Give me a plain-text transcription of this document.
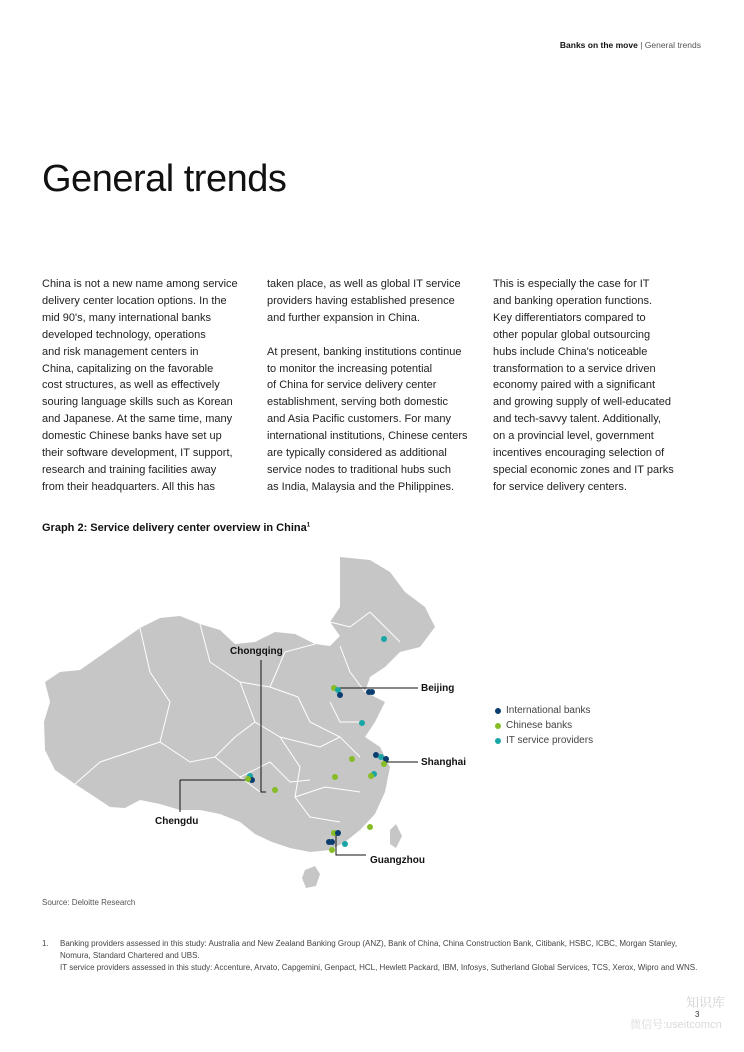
Banks on the move | General trends
General trends

China is not a new name among service
delivery center location options. In the
mid 90's, many international banks
developed technology, operations
and risk management centers in
China, capitalizing on the favorable
cost structures, as well as effectively
souring language skills such as Korean
and Japanese. At the same time, many
domestic Chinese banks have set up
their software development, IT support,
research and training facilities away
from their headquarters. All this has

taken place, as well as global IT service
providers having established presence
and further expansion in China.

At present, banking institutions continue
to monitor the increasing potential
of China for service delivery center
establishment, serving both domestic
and Asia Pacific customers. For many
international institutions, Chinese centers
are typically considered as additional
service nodes to traditional hubs such
as India, Malaysia and the Philippines.

This is especially the case for IT
and banking operation functions.
Key differentiators compared to
other popular global outsourcing
hubs include China's noticeable
transformation to a service driven
economy paired with a significant
and growing supply of well-educated
and tech-savvy talent. Additionally,
on a provincial level, government
incentives encouraging selection of
special economic zones and IT parks
for service delivery centers.

Graph 2: Service delivery center overview in China$^1$
Chongqing
Beijing
Shanghai
Chengdu
Guangzhou
International banks
Chinese banks
IT service providers
Source: Deloitte Research
1. Banking providers assessed in this study: Australia and New Zealand Banking Group (ANZ), Bank of China, China Construction Bank, Citibank, HSBC, ICBC, Morgan Stanley, Nomura, Standard Chartered and UBS.
IT service providers assessed in this study: Accenture, Arvato, Capgemini, Genpact, HCL, Hewlett Packard, IBM, Infosys, Sutherland Global Services, TCS, Xerox, Wipro and WNS.
3
知识库
微信号:useitcomcn
